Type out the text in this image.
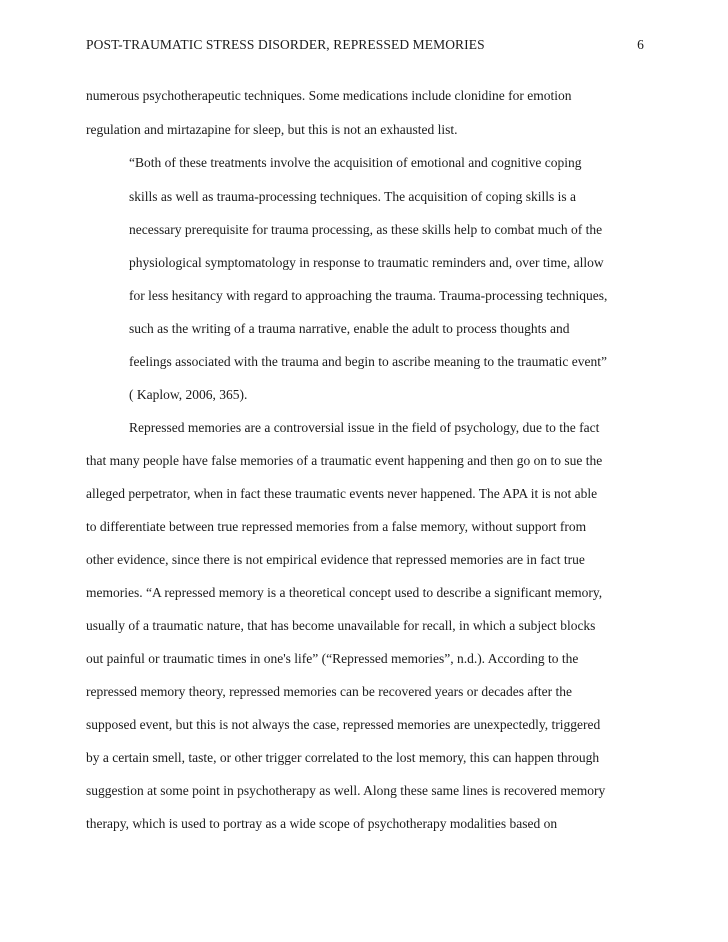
POST-TRAUMATIC STRESS DISORDER, REPRESSED MEMORIES	6
numerous psychotherapeutic techniques. Some medications include clonidine for emotion
regulation and mirtazapine for sleep, but this is not an exhausted list.
“Both of these treatments involve the acquisition of emotional and cognitive coping
skills as well as trauma-processing techniques. The acquisition of coping skills is a
necessary prerequisite for trauma processing, as these skills help to combat much of the
physiological symptomatology in response to traumatic reminders and, over time, allow
for less hesitancy with regard to approaching the trauma. Trauma-processing techniques,
such as the writing of a trauma narrative, enable the adult to process thoughts and
feelings associated with the trauma and begin to ascribe meaning to the traumatic event”
( Kaplow, 2006, 365).
Repressed memories are a controversial issue in the field of psychology, due to the fact
that many people have false memories of a traumatic event happening and then go on to sue the
alleged perpetrator, when in fact these traumatic events never happened. The APA it is not able
to differentiate between true repressed memories from a false memory, without support from
other evidence, since there is not empirical evidence that repressed memories are in fact true
memories. “A repressed memory is a theoretical concept used to describe a significant memory,
usually of a traumatic nature, that has become unavailable for recall, in which a subject blocks
out painful or traumatic times in one's life” (“Repressed memories”, n.d.). According to the
repressed memory theory, repressed memories can be recovered years or decades after the
supposed event, but this is not always the case, repressed memories are unexpectedly, triggered
by a certain smell, taste, or other trigger correlated to the lost memory, this can happen through
suggestion at some point in psychotherapy as well. Along these same lines is recovered memory
therapy, which is used to portray as a wide scope of psychotherapy modalities based on
